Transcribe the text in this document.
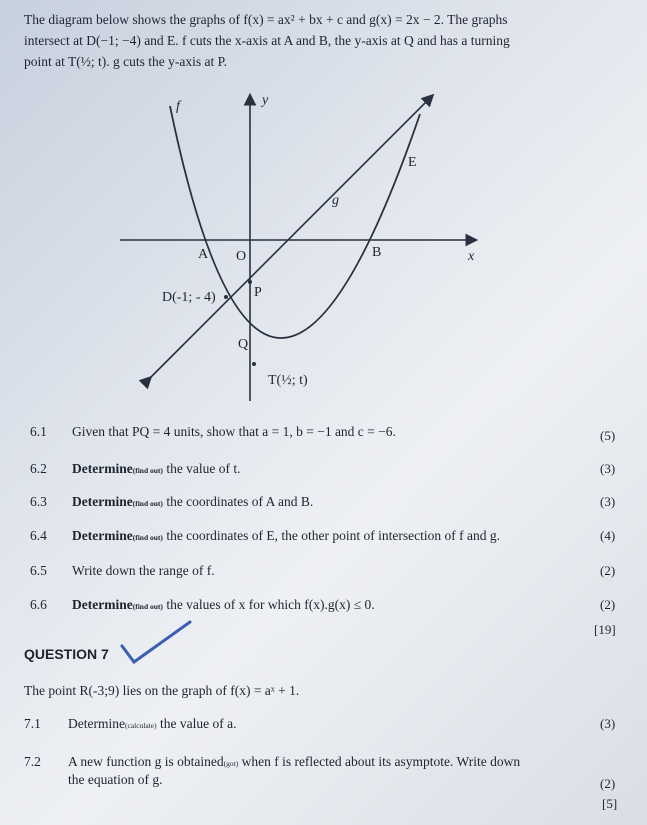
The diagram below shows the graphs of f(x) = ax² + bx + c and g(x) = 2x − 2. The graphs
intersect at D(−1; −4) and E. f cuts the x-axis at A and B, the y-axis at Q and has a turning
point at T(½; t). g cuts the y-axis at P.
f	y
E
g
A O	B	x
D(-1; - 4)	P
Q
T(½; t)
6.1 Given that PQ = 4 units, show that a = 1, b = −1 and c = −6.	(5)
6.2 Determine(find out) the value of t.	(3)
6.3 Determine(find out) the coordinates of A and B.	(3)
6.4 Determine(find out) the coordinates of E, the other point of intersection of f and g.	(4)
6.5 Write down the range of f.	(2)
6.6 Determine(find out) the values of x for which f(x).g(x) ≤ 0.	(2)
[19]
QUESTION 7
The point R(-3;9) lies on the graph of f(x) = aˣ + 1.
7.1 Determine(calculate) the value of a.	(3)
7.2 A new function g is obtained(got) when f is reflected about its asymptote. Write down
the equation of g.	(2)
[5]
